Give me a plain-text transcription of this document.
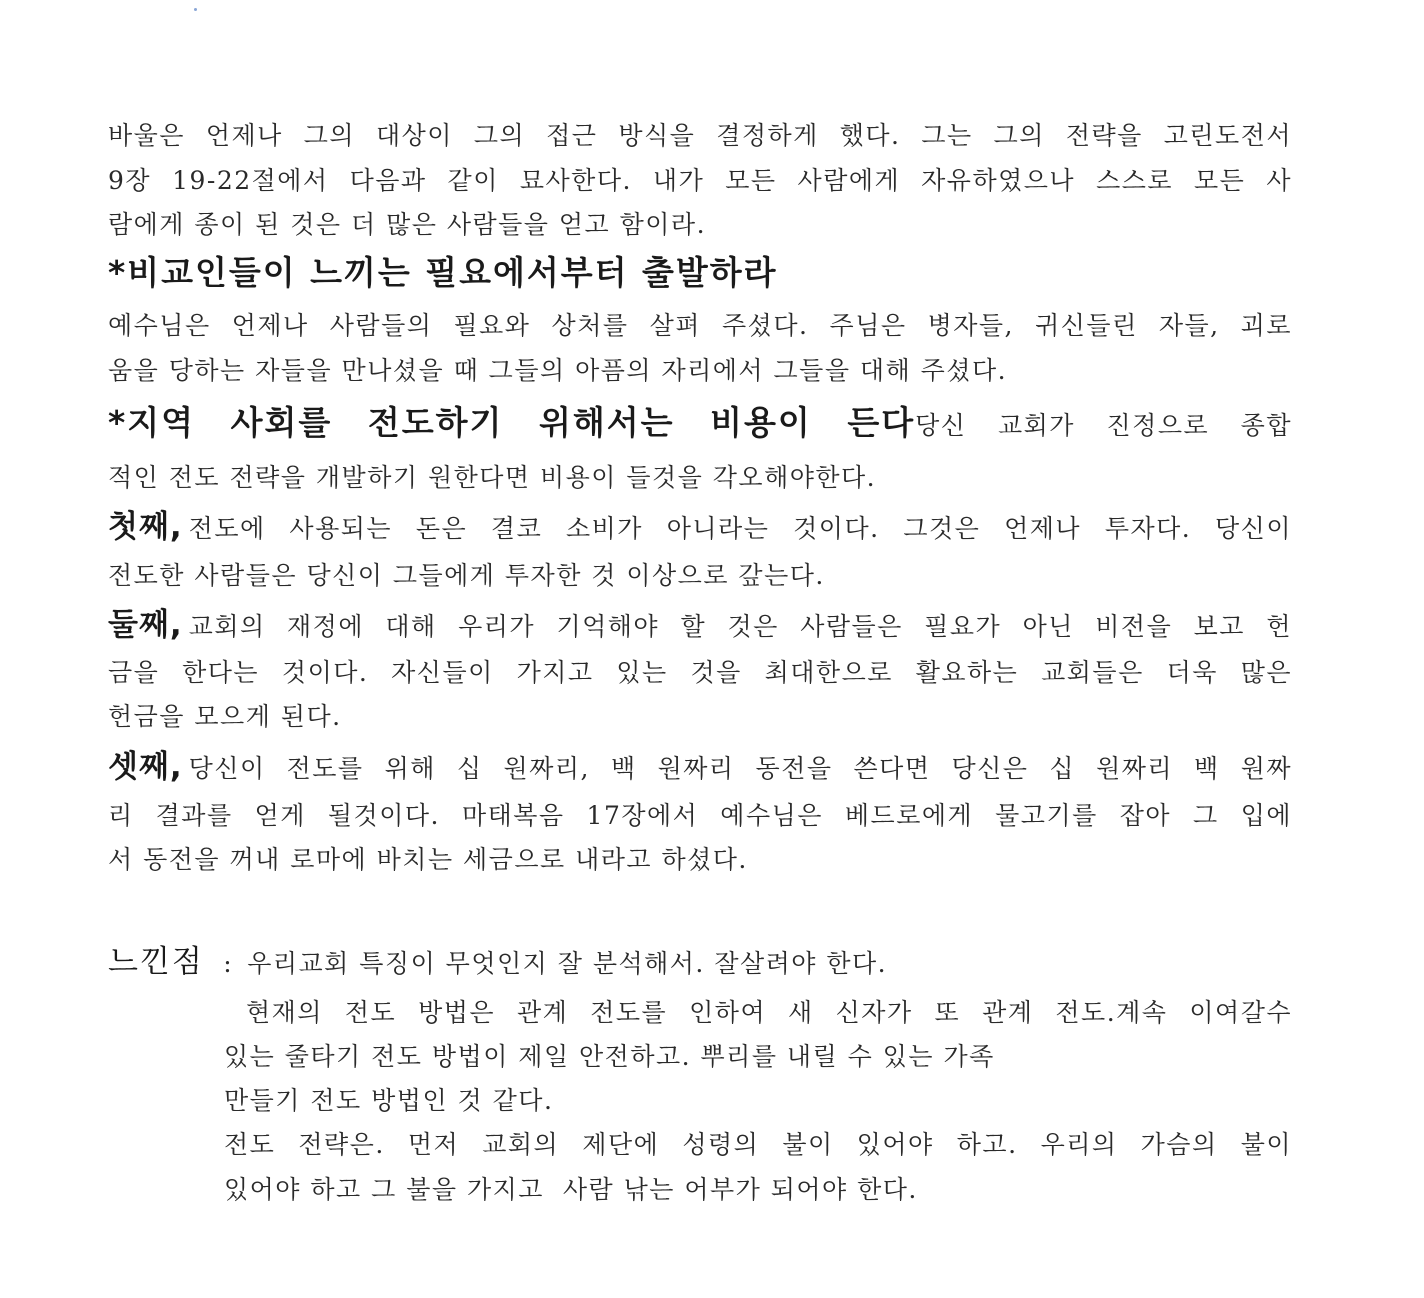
바울은 언제나 그의 대상이 그의 접근 방식을 결정하게 했다. 그는 그의 전략을 고린도전서
9장 19-22절에서 다음과 같이 묘사한다. 내가 모든 사람에게 자유하였으나 스스로 모든 사
람에게 종이 된 것은 더 많은 사람들을 얻고 함이라.
*비교인들이 느끼는 필요에서부터 출발하라
예수님은 언제나 사람들의 필요와 상처를 살펴 주셨다. 주님은 병자들, 귀신들린 자들, 괴로
움을 당하는 자들을 만나셨을 때 그들의 아픔의 자리에서 그들을 대해 주셨다.
*지역 사회를 전도하기 위해서는 비용이 든다당신 교회가 진정으로 종합
적인 전도 전략을 개발하기 원한다면 비용이 들것을 각오해야한다.
첫째, 전도에 사용되는 돈은 결코 소비가 아니라는 것이다. 그것은 언제나 투자다. 당신이
전도한 사람들은 당신이 그들에게 투자한 것 이상으로 갚는다.
둘째, 교회의 재정에 대해 우리가 기억해야 할 것은 사람들은 필요가 아닌 비전을 보고 헌
금을 한다는 것이다. 자신들이 가지고 있는 것을 최대한으로 활요하는 교회들은 더욱 많은
헌금을 모으게 된다.
셋째, 당신이 전도를 위해 십 원짜리, 백 원짜리 동전을 쓴다면 당신은 십 원짜리 백 원짜
리 결과를 얻게 될것이다. 마태복음 17장에서 예수님은 베드로에게 물고기를 잡아 그 입에
서 동전을 꺼내 로마에 바치는 세금으로 내라고 하셨다.
느낀점 : 우리교회 특징이 무엇인지 잘 분석해서. 잘살려야 한다.
현재의 전도 방법은 관계 전도를 인하여 새 신자가 또 관계 전도.계속 이여갈수
있는 줄타기 전도 방법이 제일 안전하고. 뿌리를 내릴 수 있는 가족
만들기 전도 방법인 것 같다.
전도 전략은. 먼저 교회의 제단에 성령의 불이 있어야 하고. 우리의 가슴의 불이
있어야 하고 그 불을 가지고  사람 낚는 어부가 되어야 한다.
